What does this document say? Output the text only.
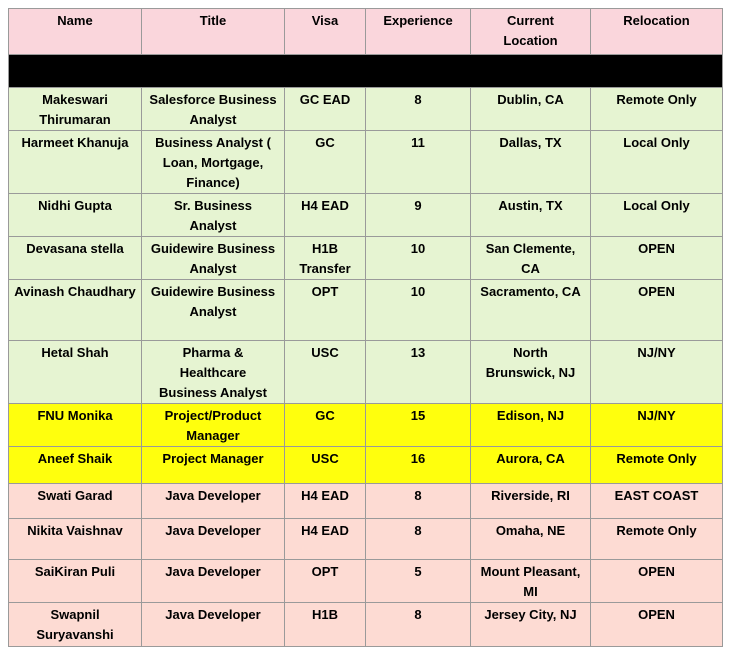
Name	Title	Visa	Experience	Current Location	Relocation

Makeswari Thirumaran	Salesforce Business Analyst	GC EAD	8	Dublin, CA	Remote Only
Harmeet Khanuja	Business Analyst ( Loan, Mortgage, Finance)	GC	11	Dallas, TX	Local Only
Nidhi Gupta	Sr. Business Analyst	H4 EAD	9	Austin, TX	Local Only
Devasana stella	Guidewire Business Analyst	H1B Transfer	10	San Clemente, CA	OPEN
Avinash Chaudhary	Guidewire Business Analyst	OPT	10	Sacramento, CA	OPEN
Hetal Shah	Pharma & Healthcare Business Analyst	USC	13	North Brunswick, NJ	NJ/NY
FNU Monika	Project/Product Manager	GC	15	Edison, NJ	NJ/NY
Aneef Shaik	Project Manager	USC	16	Aurora, CA	Remote Only
Swati Garad	Java Developer	H4 EAD	8	Riverside, RI	EAST COAST
Nikita Vaishnav	Java Developer	H4 EAD	8	Omaha, NE	Remote Only
SaiKiran Puli	Java Developer	OPT	5	Mount Pleasant, MI	OPEN
Swapnil Suryavanshi	Java Developer	H1B	8	Jersey City, NJ	OPEN
